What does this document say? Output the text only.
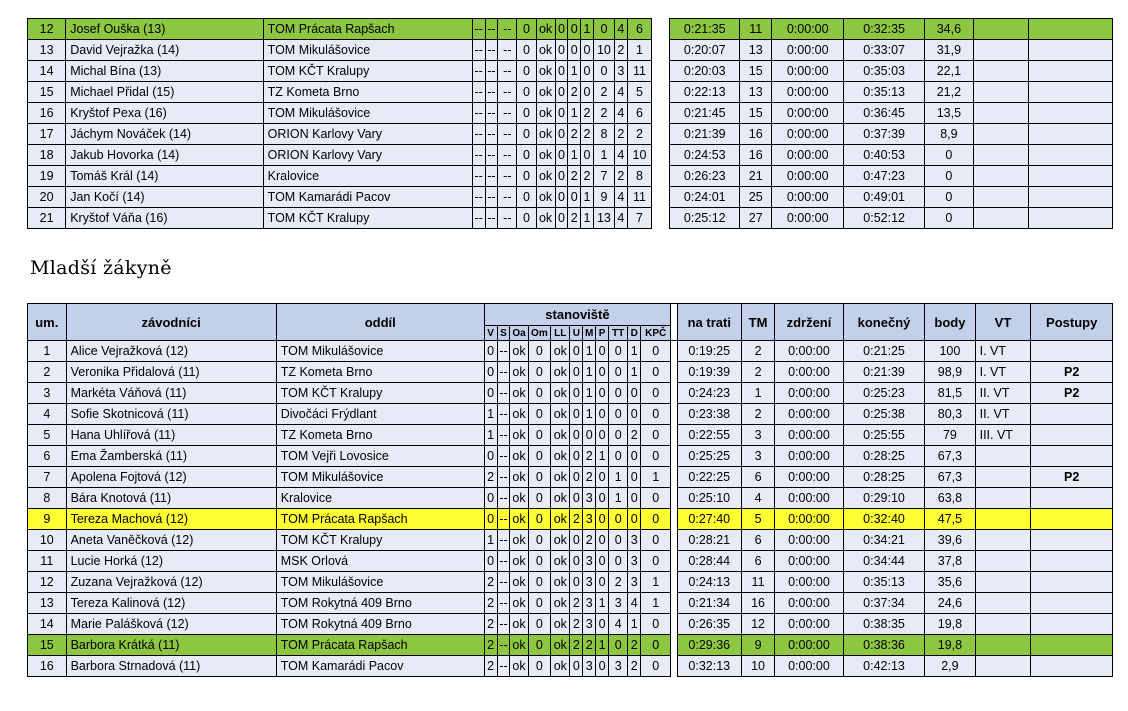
12	Josef Ouška (13)	TOM Prácata Rapšach	--	--	--	0	ok	0	0	1	0	4	6		0:21:35	11	0:00:00	0:32:35	34,6		
13	David Vejražka (14)	TOM Mikulášovice	--	--	--	0	ok	0	0	0	10	2	1		0:20:07	13	0:00:00	0:33:07	31,9		
14	Michal Bína (13)	TOM KČT Kralupy	--	--	--	0	ok	0	1	0	0	3	11		0:20:03	15	0:00:00	0:35:03	22,1		
15	Michael Přidal (15)	TZ Kometa Brno	--	--	--	0	ok	0	2	0	2	4	5		0:22:13	13	0:00:00	0:35:13	21,2		
16	Kryštof Pexa (16)	TOM Mikulášovice	--	--	--	0	ok	0	1	2	2	4	6		0:21:45	15	0:00:00	0:36:45	13,5		
17	Jáchym Nováček (14)	ORION Karlovy Vary	--	--	--	0	ok	0	2	2	8	2	2		0:21:39	16	0:00:00	0:37:39	8,9		
18	Jakub Hovorka (14)	ORION Karlovy Vary	--	--	--	0	ok	0	1	0	1	4	10		0:24:53	16	0:00:00	0:40:53	0		
19	Tomáš Král (14)	Kralovice	--	--	--	0	ok	0	2	2	7	2	8		0:26:23	21	0:00:00	0:47:23	0		
20	Jan Kočí (14)	TOM Kamarádi Pacov	--	--	--	0	ok	0	0	1	9	4	11		0:24:01	25	0:00:00	0:49:01	0		
21	Kryštof Váňa (16)	TOM KČT Kralupy	--	--	--	0	ok	0	2	1	13	4	7		0:25:12	27	0:00:00	0:52:12	0		
Mladší žákyně
um.	závodníci	oddíl	stanoviště												na trati	TM	zdržení	konečný	body	VT	Postupy
			V	S	Oa	Om	LL	U	M	P	TT	D	KPČ								
1	Alice Vejražková (12)	TOM Mikulášovice	0	--	ok	0	ok	0	1	0	0	1	0		0:19:25	2	0:00:00	0:21:25	100	I. VT	
2	Veronika Přidalová (11)	TZ Kometa Brno	0	--	ok	0	ok	0	1	0	0	1	0		0:19:39	2	0:00:00	0:21:39	98,9	I. VT	P2
3	Markéta Váňová (11)	TOM KČT Kralupy	0	--	ok	0	ok	0	1	0	0	0	0		0:24:23	1	0:00:00	0:25:23	81,5	II. VT	P2
4	Sofie Skotnicová (11)	Divočáci Frýdlant	1	--	ok	0	ok	0	1	0	0	0	0		0:23:38	2	0:00:00	0:25:38	80,3	II. VT	
5	Hana Uhlířová (11)	TZ Kometa Brno	1	--	ok	0	ok	0	0	0	0	2	0		0:22:55	3	0:00:00	0:25:55	79	III. VT	
6	Ema Žamberská (11)	TOM Vejři Lovosice	0	--	ok	0	ok	0	2	1	0	0	0		0:25:25	3	0:00:00	0:28:25	67,3		
7	Apolena Fojtová (12)	TOM Mikulášovice	2	--	ok	0	ok	0	2	0	1	0	1		0:22:25	6	0:00:00	0:28:25	67,3		P2
8	Bára Knotová (11)	Kralovice	0	--	ok	0	ok	0	3	0	1	0	0		0:25:10	4	0:00:00	0:29:10	63,8		
9	Tereza Machová (12)	TOM Prácata Rapšach	0	--	ok	0	ok	2	3	0	0	0	0		0:27:40	5	0:00:00	0:32:40	47,5		
10	Aneta Vaněčková (12)	TOM KČT Kralupy	1	--	ok	0	ok	0	2	0	0	3	0		0:28:21	6	0:00:00	0:34:21	39,6		
11	Lucie Horká (12)	MSK Orlová	0	--	ok	0	ok	0	3	0	0	3	0		0:28:44	6	0:00:00	0:34:44	37,8		
12	Zuzana Vejražková (12)	TOM Mikulášovice	2	--	ok	0	ok	0	3	0	2	3	1		0:24:13	11	0:00:00	0:35:13	35,6		
13	Tereza Kalinová (12)	TOM Rokytná 409 Brno	2	--	ok	0	ok	2	3	1	3	4	1		0:21:34	16	0:00:00	0:37:34	24,6		
14	Marie Palášková (12)	TOM Rokytná 409 Brno	2	--	ok	0	ok	2	3	0	4	1	0		0:26:35	12	0:00:00	0:38:35	19,8		
15	Barbora Krátká (11)	TOM Prácata Rapšach	2	--	ok	0	ok	2	2	1	0	2	0		0:29:36	9	0:00:00	0:38:36	19,8		
16	Barbora Strnadová (11)	TOM Kamarádi Pacov	2	--	ok	0	ok	0	3	0	3	2	0		0:32:13	10	0:00:00	0:42:13	2,9		
